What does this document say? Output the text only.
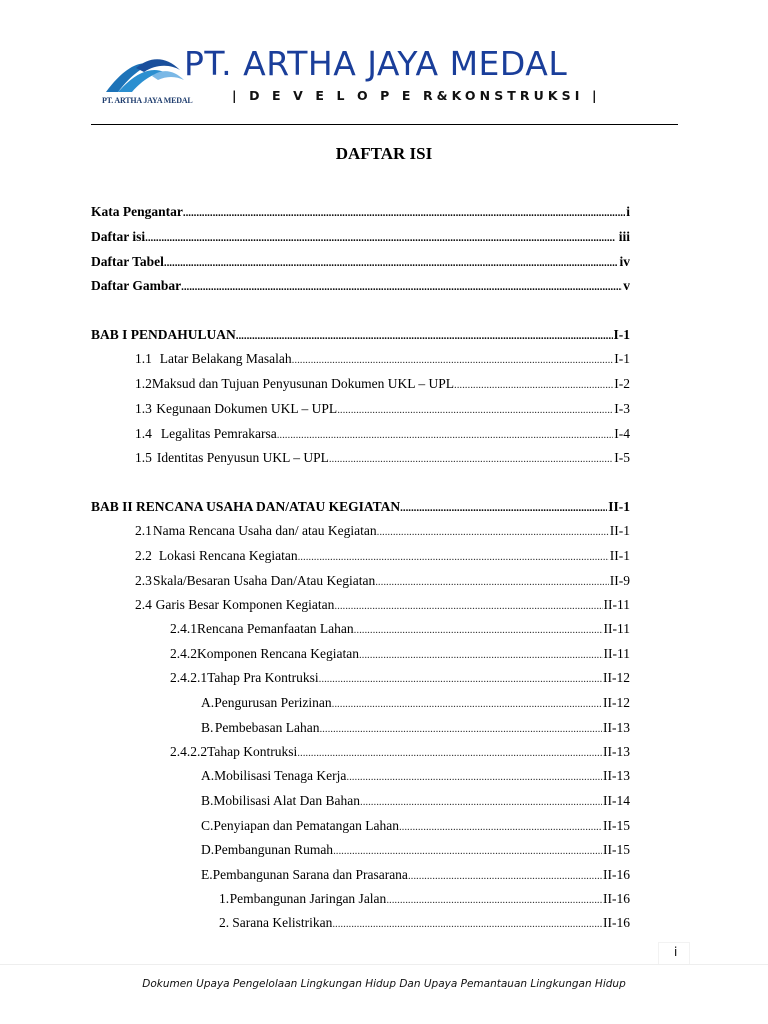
PT. ARTHA JAYA MEDAL
PT. ARTHA JAYA MEDAL
| D E V E L O P E R&KONSTRUKSI |
DAFTAR ISI
Kata Pengantar . . .	i
Daftar isi . . .	iii
Daftar Tabel . . .	iv
Daftar Gambar . . .	v
BAB I PENDAHULUAN . . .	I-1
1.1 Latar Belakang Masalah . . .	I-1
1.2 Maksud dan Tujuan Penyusunan Dokumen UKL – UPL . . .	I-2
1.3 Kegunaan Dokumen UKL – UPL . . .	I-3
1.4 Legalitas Pemrakarsa . . .	I-4
1.5 Identitas Penyusun UKL – UPL . . .	I-5
BAB II RENCANA USAHA DAN/ATAU KEGIATAN . . .	II-1
2.1 Nama Rencana Usaha dan/ atau Kegiatan . . .	II-1
2.2 Lokasi Rencana Kegiatan . . .	II-1
2.3 Skala/Besaran Usaha Dan/Atau Kegiatan . . .	II-9
2.4 Garis Besar Komponen Kegiatan . . .	II-11
2.4.1 Rencana Pemanfaatan Lahan . . .	II-11
2.4.2 Komponen Rencana Kegiatan . . .	II-11
2.4.2.1 Tahap Pra Kontruksi . . .	II-12
A. Pengurusan Perizinan . . .	II-12
B. Pembebasan Lahan . . .	II-13
2.4.2.2 Tahap Kontruksi . . .	II-13
A. Mobilisasi Tenaga Kerja . . .	II-13
B. Mobilisasi Alat Dan Bahan . . .	II-14
C. Penyiapan dan Pematangan Lahan . . .	II-15
D. Pembangunan Rumah . . .	II-15
E. Pembangunan Sarana dan Prasarana . . .	II-16
1. Pembangunan Jaringan Jalan . . .	II-16
2. Sarana Kelistrikan . . .	II-16
i
Dokumen Upaya Pengelolaan Lingkungan Hidup Dan Upaya Pemantauan Lingkungan Hidup
